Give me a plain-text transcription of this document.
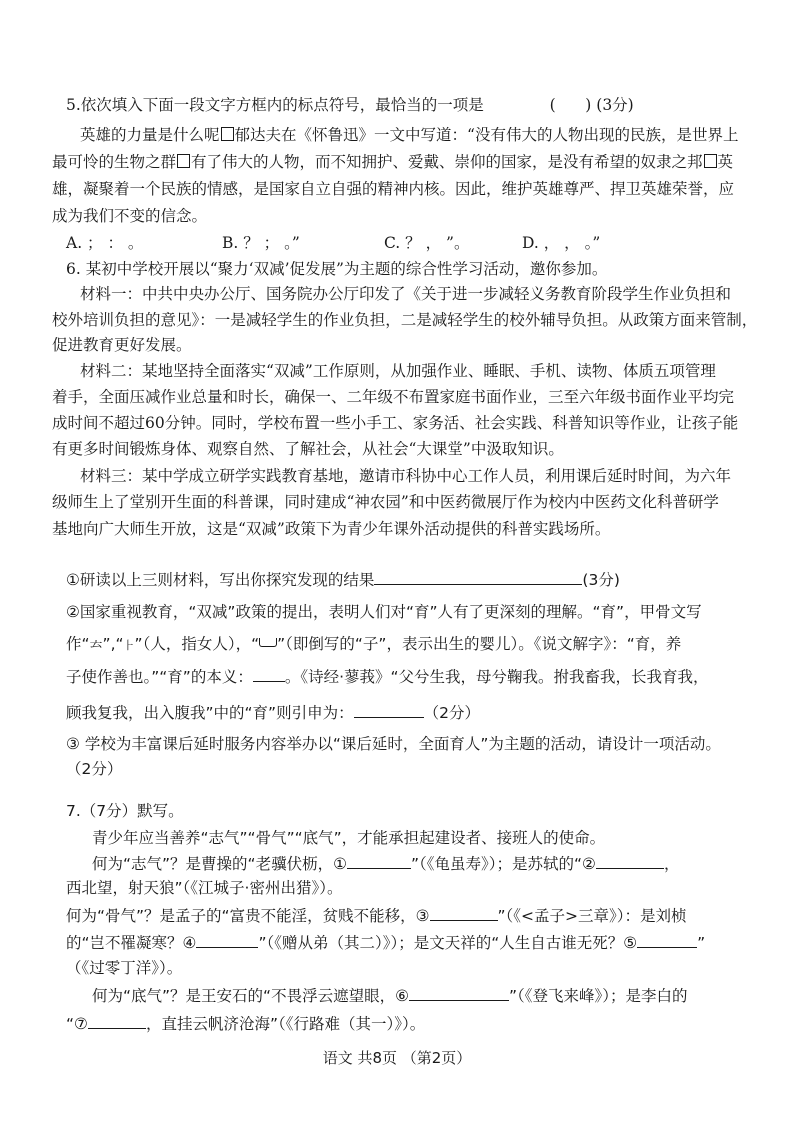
5.依次填入下面一段文字方框内的标点符号，最恰当的一项是	(      ) (3分)
英雄的力量是什么呢 郁达夫在《怀鲁迅》一文中写道：“没有伟大的人物出现的民族，是世界上
最可怜的生物之群 有了伟大的人物，而不知拥护、爱戴、崇仰的国家，是没有希望的奴隶之邦 英
雄，凝聚着一个民族的情感，是国家自立自强的精神内核。因此，维护英雄尊严、捍卫英雄荣誉，应
成为我们不变的信念。
A. ； ： 。	B. ？ ； 。”	C. ？ ， ”。	D. ， ， 。”
6. 某初中学校开展以“聚力‘双减’促发展”为主题的综合性学习活动，邀你参加。
材料一：中共中央办公厅、国务院办公厅印发了《关于进一步减轻义务教育阶段学生作业负担和
校外培训负担的意见》：一是减轻学生的作业负担，二是减轻学生的校外辅导负担。从政策方面来管制，
促进教育更好发展。
材料二：某地坚持全面落实“双减”工作原则，从加强作业、睡眠、手机、读物、体质五项管理
着手，全面压减作业总量和时长，确保一、二年级不布置家庭书面作业，三至六年级书面作业平均完
成时间不超过60分钟。同时，学校布置一些小手工、家务活、社会实践、科普知识等作业，让孩子能
有更多时间锻炼身体、观察自然、了解社会，从社会“大课堂”中汲取知识。
材料三：某中学成立研学实践教育基地，邀请市科协中心工作人员，利用课后延时时间，为六年
级师生上了堂别开生面的科普课，同时建成“神农园”和中医药微展厅作为校内中医药文化科普研学
基地向广大师生开放，这是“双减”政策下为青少年课外活动提供的科普实践场所。
①研读以上三则材料，写出你探究发现的结果	(3分)
②国家重视教育，“双减”政策的提出，表明人们对“育”人有了更深刻的理解。“育”，甲骨文写
作“𠫓”,“⺊”（人，指女人），“ ”（即倒写的“子”，表示出生的婴儿）。《说文解字》：“育，养
子使作善也。”“育”的本义： 。《诗经·蓼莪》“父兮生我，母兮鞠我。拊我畜我，长我育我，
顾我复我，出入腹我”中的“育”则引申为：	（2分）
③ 学校为丰富课后延时服务内容举办以“课后延时，全面育人”为主题的活动，请设计一项活动。
（2分）
7.（7分）默写。
青少年应当善养“志气”“骨气”“底气”，才能承担起建设者、接班人的使命。
何为“志气”？是曹操的“老骥伏枥，①	”（《龟虽寿》）；是苏轼的“②	，
西北望，射天狼”（《江城子·密州出猎》）。
何为“骨气”？是孟子的“富贵不能淫，贫贱不能移，③	”（《<孟子>三章》）：是刘桢
的“岂不罹凝寒？④	”（《赠从弟（其二）》）；是文天祥的“人生自古谁无死？⑤	”
（《过零丁洋》）。
何为“底气”？是王安石的“不畏浮云遮望眼，⑥	”（《登飞来峰》）；是李白的
“⑦	，直挂云帆济沧海”（《行路难（其一）》）。
语文 共8页 （第2页）
